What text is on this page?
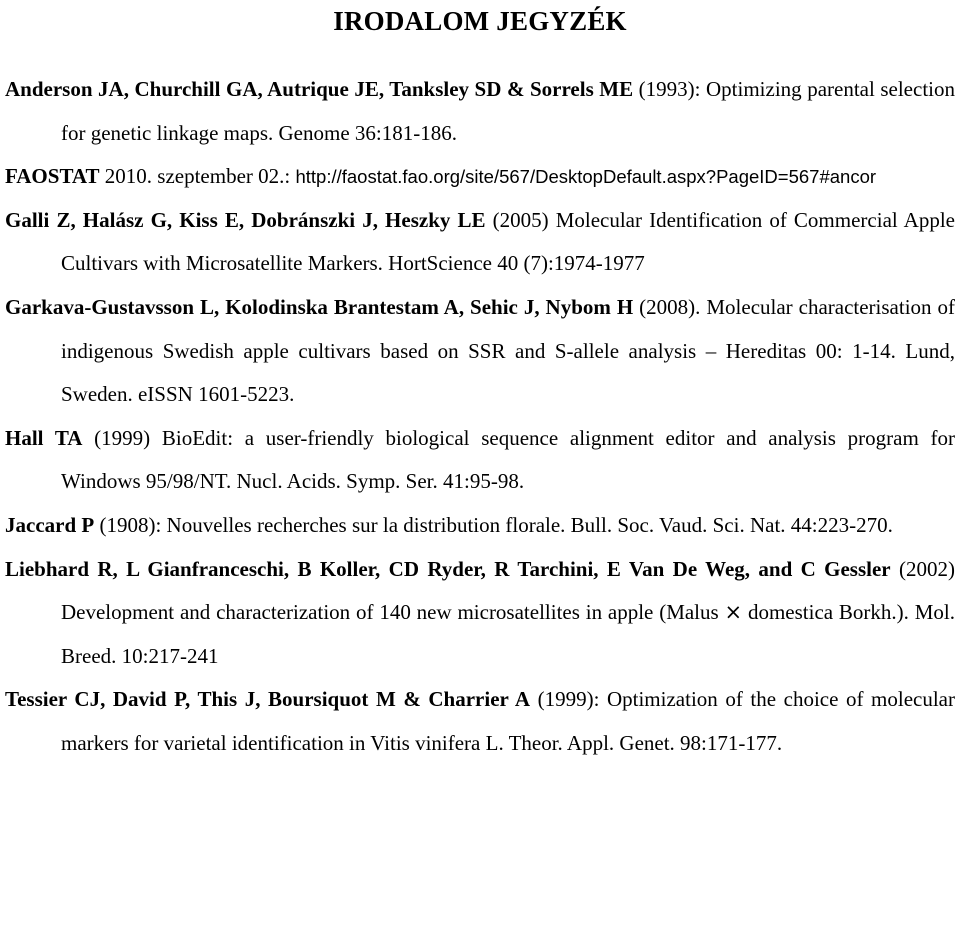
IRODALOM JEGYZÉK
Anderson JA, Churchill GA, Autrique JE, Tanksley SD & Sorrels ME (1993): Optimizing parental selection for genetic linkage maps. Genome 36:181-186.
FAOSTAT 2010. szeptember 02.: http://faostat.fao.org/site/567/DesktopDefault.aspx?PageID=567#ancor
Galli Z, Halász G, Kiss E, Dobránszki J, Heszky LE (2005) Molecular Identification of Commercial Apple Cultivars with Microsatellite Markers. HortScience 40 (7):1974-1977
Garkava-Gustavsson L, Kolodinska Brantestam A, Sehic J, Nybom H (2008). Molecular characterisation of indigenous Swedish apple cultivars based on SSR and S-allele analysis – Hereditas 00: 1-14. Lund, Sweden. eISSN 1601-5223.
Hall TA (1999) BioEdit: a user-friendly biological sequence alignment editor and analysis program for Windows 95/98/NT. Nucl. Acids. Symp. Ser. 41:95-98.
Jaccard P (1908): Nouvelles recherches sur la distribution florale. Bull. Soc. Vaud. Sci. Nat. 44:223-270.
Liebhard R, L Gianfranceschi, B Koller, CD Ryder, R Tarchini, E Van De Weg, and C Gessler (2002) Development and characterization of 140 new microsatellites in apple (Malus × domestica Borkh.). Mol. Breed. 10:217-241
Tessier CJ, David P, This J, Boursiquot M & Charrier A (1999): Optimization of the choice of molecular markers for varietal identification in Vitis vinifera L. Theor. Appl. Genet. 98:171-177.
